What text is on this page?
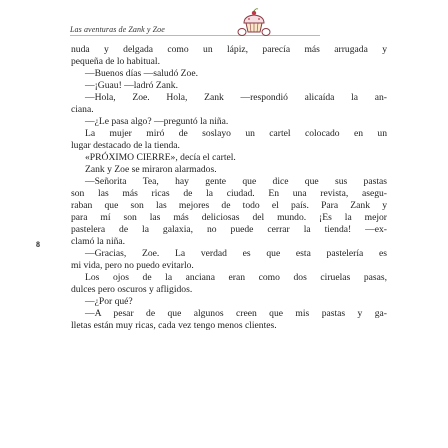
Las aventuras de Zank y Zoe
8
nuda y delgada como un lápiz, parecía más arrugada y
pequeña de lo habitual.
—Buenos días —saludó Zoe.
—¡Guau! —ladró Zank.
—Hola, Zoe. Hola, Zank —respondió alicaída la an-
ciana.
—¿Le pasa algo? —preguntó la niña.
La mujer miró de soslayo un cartel colocado en un
lugar destacado de la tienda.
«PRÓXIMO CIERRE», decía el cartel.
Zank y Zoe se miraron alarmados.
—Señorita Tea, hay gente que dice que sus pastas
son las más ricas de la ciudad. En una revista, asegu-
raban que son las mejores de todo el país. Para Zank y
para mí son las más deliciosas del mundo. ¡Es la mejor
pastelera de la galaxia, no puede cerrar la tienda! —ex-
clamó la niña.
—Gracias, Zoe. La verdad es que esta pastelería es
mi vida, pero no puedo evitarlo.
Los ojos de la anciana eran como dos ciruelas pasas,
dulces pero oscuros y afligidos.
—¿Por qué?
—A pesar de que algunos creen que mis pastas y ga-
lletas están muy ricas, cada vez tengo menos clientes.
